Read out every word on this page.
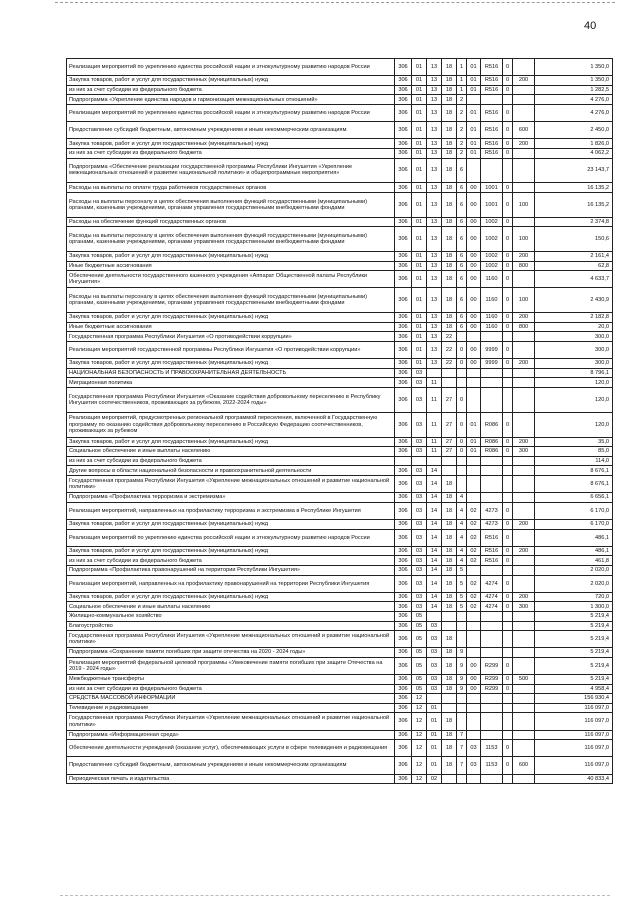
40
Реализация мероприятий по укреплению единства российской нации и этнокультурному развитию народов России	306	01	13	18	1	01	R516	0		1 350,0
Закупка товаров, работ и услуг для государственных (муниципальных) нужд	306	01	13	18	1	01	R516	0	200	1 350,0
из них за счет субсидии из федерального бюджета	306	01	13	18	1	01	R516	0		1 282,5
Подпрограмма «Укрепление единства народов и гармонизация межнациональных отношений»	306	01	13	18	2					4 276,0
Реализация мероприятий по укреплению единства российской нации и этнокультурному развитию народов России	306	01	13	18	2	01	R516	0		4 276,0
Предоставление субсидий бюджетным, автономным учреждениям и иным некоммерческим организациям	306	01	13	18	2	01	R516	0	600	2 450,0
Закупка товаров, работ и услуг для государственных (муниципальных) нужд	306	01	13	18	2	01	R516	0	200	1 826,0
из них за счет субсидии из федерального бюджета	306	01	13	18	2	01	R516	0		4 062,2
Подпрограмма «Обеспечение реализации государственной программы Республики Ингушетия «Укрепление межнациональных отношений и развитие национальной политики» и общепрограммные мероприятия»	306	01	13	18	6					23 143,7
Расходы на выплаты по оплате труда работников государственных органов	306	01	13	18	6	00	1001	0		16 135,2
Расходы на выплаты персоналу в целях обеспечения выполнения функций государственными (муниципальными) органами, казенными учреждениями, органами управления государственными внебюджетными фондами	306	01	13	18	6	00	1001	0	100	16 135,2
Расходы на обеспечение функций государственных органов	306	01	13	18	6	00	1002	0		2 374,8
Расходы на выплаты персоналу в целях обеспечения выполнения функций государственными (муниципальными) органами, казенными учреждениями, органами управления государственными внебюджетными фондами	306	01	13	18	6	00	1002	0	100	150,6
Закупка товаров, работ и услуг для государственных (муниципальных) нужд	306	01	13	18	6	00	1002	0	200	2 161,4
Иные бюджетные ассигнования	306	01	13	18	6	00	1002	0	800	62,8
Обеспечение деятельности государственного казенного учреждения «Аппарат Общественной палаты Республики Ингушетия»	306	01	13	18	6	00	1160	0		4 633,7
Расходы на выплаты персоналу в целях обеспечения выполнения функций государственными (муниципальными) органами, казенными учреждениями, органами управления государственными внебюджетными фондами	306	01	13	18	6	00	1160	0	100	2 430,9
Закупка товаров, работ и услуг для государственных (муниципальных) нужд	306	01	13	18	6	00	1160	0	200	2 182,8
Иные бюджетные ассигнования	306	01	13	18	6	00	1160	0	800	20,0
Государственная программа Республики Ингушетия «О противодействии коррупции»	306	01	13	22						300,0
Реализация мероприятий государственной программы Республики Ингушетия «О противодействии коррупции»	306	01	13	22	0	00	9999	0		300,0
Закупка товаров, работ и услуг для государственных (муниципальных) нужд	306	01	13	22	0	00	9999	0	200	300,0
НАЦИОНАЛЬНАЯ БЕЗОПАСНОСТЬ И ПРАВООХРАНИТЕЛЬНАЯ ДЕЯТЕЛЬНОСТЬ	306	03								8 796,1
Миграционная политика	306	03	11							120,0
Государственная программа Республики Ингушетия «Оказание содействия добровольному переселению в Республику Ингушетия соотечественников, проживающих за рубежом, 2022-2024 годы»	306	03	11	27	0					120,0
Реализация мероприятий, предусмотренных региональной программой переселения, включенной в Государственную программу по оказанию содействия добровольному переселению в Российскую Федерацию соотечественников, проживающих за рубежом	306	03	11	27	0	01	R086	0		120,0
Закупка товаров, работ и услуг для государственных (муниципальных) нужд	306	03	11	27	0	01	R086	0	200	35,0
Социальное обеспечение и иные выплаты населению	306	03	11	27	0	01	R086	0	300	85,0
из них за счет субсидии из федерального бюджета										114,0
Другие вопросы в области национальной безопасности и правоохранительной деятельности	306	03	14							8 676,1
Государственная программа Республики Ингушетия «Укрепление межнациональных отношений и развитие национальной политики»	306	03	14	18						8 676,1
Подпрограмма «Профилактика терроризма и экстремизма»	306	03	14	18	4					6 656,1
Реализация мероприятий, направленных на профилактику терроризма и экстремизма в Республике Ингушетия	306	03	14	18	4	02	4273	0		6 170,0
Закупка товаров, работ и услуг для государственных (муниципальных) нужд	306	03	14	18	4	02	4273	0	200	6 170,0
Реализация мероприятий по укреплению единства российской нации и этнокультурному развитию народов России	306	03	14	18	4	02	R516	0		486,1
Закупка товаров, работ и услуг для государственных (муниципальных) нужд	306	03	14	18	4	02	R516	0	200	486,1
из них за счет субсидии из федерального бюджета	306	03	14	18	4	02	R516	0		461,8
Подпрограмма «Профилактика правонарушений на территории Республики Ингушетия»	306	03	14	18	5					2 020,0
Реализация мероприятий, направленных на профилактику правонарушений на территории Республики Ингушетия	306	03	14	18	5	02	4274	0		2 020,0
Закупка товаров, работ и услуг для государственных (муниципальных) нужд	306	03	14	18	5	02	4274	0	200	720,0
Социальное обеспечение и иные выплаты населению	306	03	14	18	5	02	4274	0	300	1 300,0
Жилищно-коммунальное хозяйство	306	05								5 219,4
Благоустройство	306	05	03							5 219,4
Государственная программа Республики Ингушетия «Укрепление межнациональных отношений и развитие национальной политики»	306	05	03	18						5 219,4
Подпрограмма «Сохранение памяти погибших при защите отечества на 2020 - 2024 годы»	306	05	03	18	9					5 219,4
Реализация мероприятий федеральной целевой программы «Увековечение памяти погибших при защите Отечества на 2019 - 2024 годы»	306	05	03	18	9	00	R299	0		5 219,4
Межбюджетные трансферты	306	05	03	18	9	00	R299	0	500	5 219,4
из них за счет субсидии из федерального бюджета	306	05	03	18	9	00	R299	0		4 958,4
СРЕДСТВА МАССОВОЙ ИНФОРМАЦИИ	306	12								156 930,4
Телевидение и радиовещание	306	12	01							116 097,0
Государственная программа Республики Ингушетия «Укрепление межнациональных отношений и развитие национальной политики»	306	12	01	18						116 097,0
Подпрограмма «Информационная среда»	306	12	01	18	7					116 097,0
Обеспечение деятельности учреждений (оказание услуг), обеспечивающих услуги в сфере телевидения и радиовещания	306	12	01	18	7	03	1153	0		116 097,0
Предоставление субсидий бюджетным, автономным учреждениям и иным некоммерческим организациям	306	12	01	18	7	03	1153	0	600	116 097,0
Периодическая печать и издательства	306	12	02							40 833,4
